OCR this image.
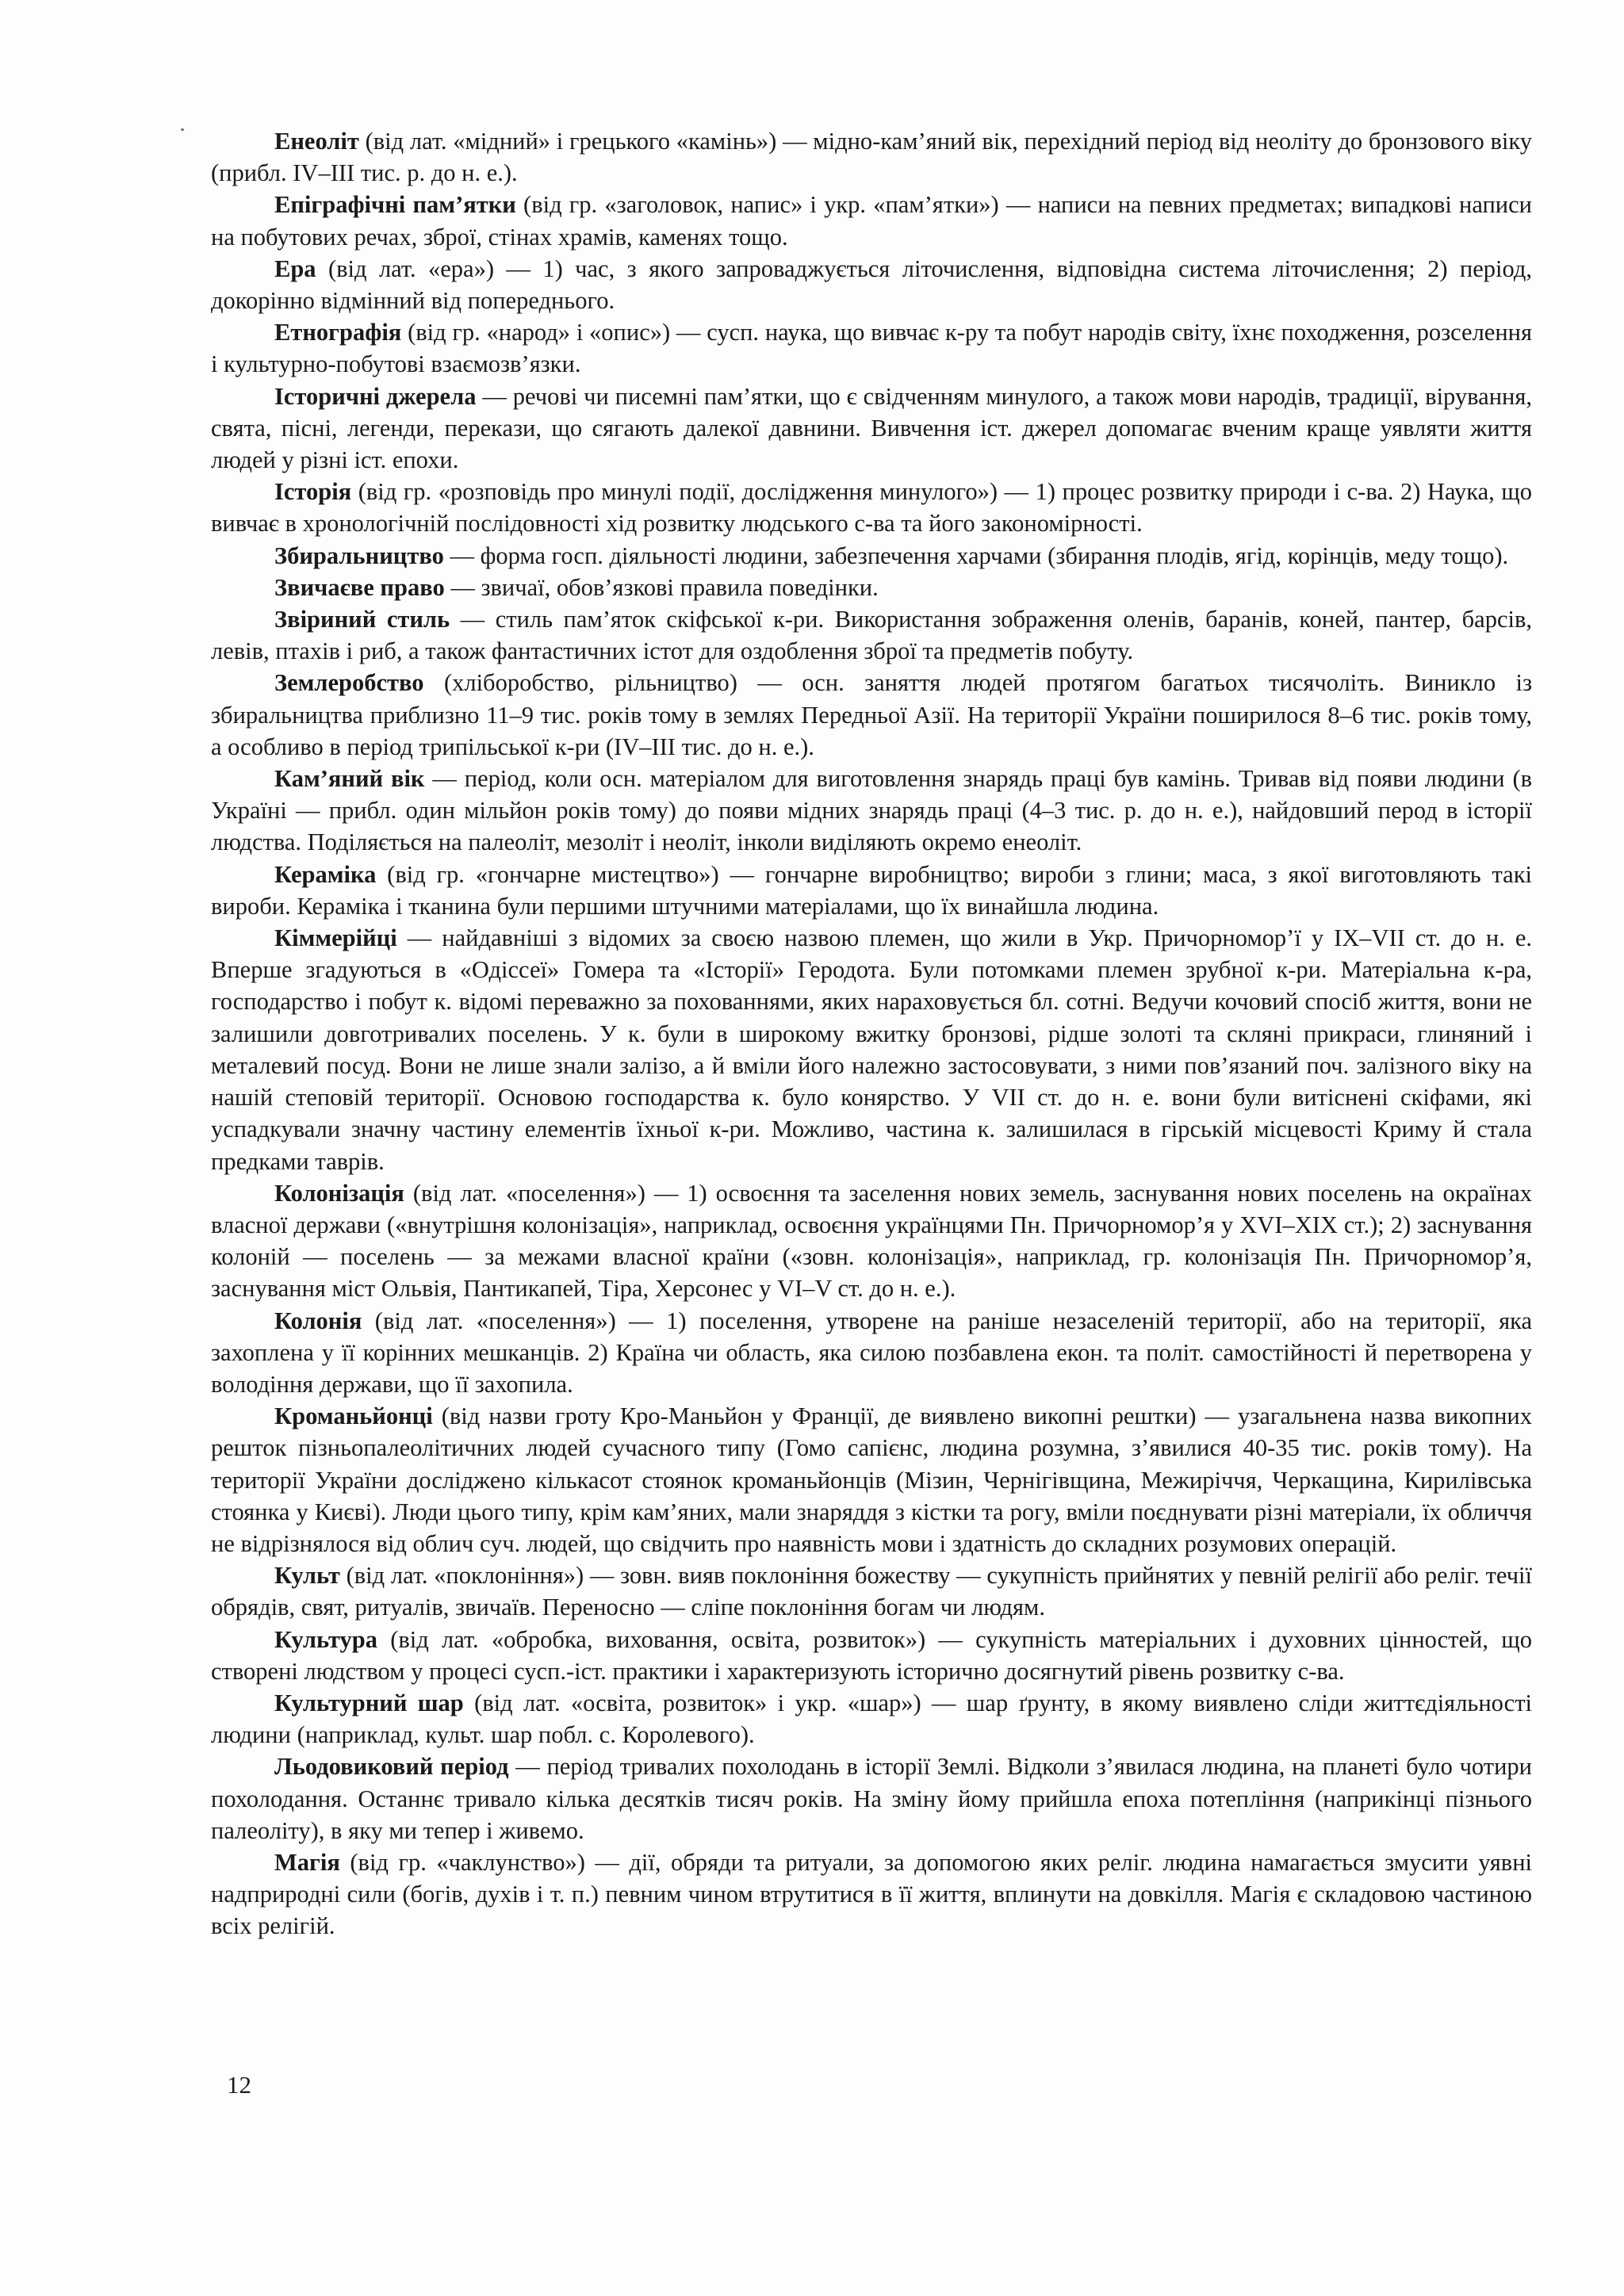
Енеоліт (від лат. «мідний» і грецького «камінь») — мідно-кам’яний вік, перехідний період від неоліту до бронзового віку (прибл. IV–III тис. р. до н. е.).

Епіграфічні пам’ятки (від гр. «заголовок, напис» і укр. «пам’ятки») — написи на певних предметах; випадкові написи на побутових речах, зброї, стінах храмів, каменях тощо.

Ера (від лат. «ера») — 1) час, з якого запроваджується літочислення, відповідна система літочислення; 2) період, докорінно відмінний від попереднього.

Етнографія (від гр. «народ» і «опис») — сусп. наука, що вивчає к-ру та побут народів світу, їхнє походження, розселення і культурно-побутові взаємозв’язки.

Історичні джерела — речові чи писемні пам’ятки, що є свідченням минулого, а також мови народів, традиції, вірування, свята, пісні, легенди, перекази, що сягають далекої давнини. Вивчення іст. джерел допомагає вченим краще уявляти життя людей у різні іст. епохи.

Історія (від гр. «розповідь про минулі події, дослідження минулого») — 1) процес розвитку природи і с-ва. 2) Наука, що вивчає в хронологічній послідовності хід розвитку людського с-ва та його закономірності.

Збиральництво — форма госп. діяльності людини, забезпечення харчами (збирання плодів, ягід, корінців, меду тощо).

Звичаєве право — звичаї, обов’язкові правила поведінки.

Звіриний стиль — стиль пам’яток скіфської к-ри. Використання зображення оленів, баранів, коней, пантер, барсів, левів, птахів і риб, а також фантастичних істот для оздоблення зброї та предметів побуту.

Землеробство (хліборобство, рільництво) — осн. заняття людей протягом багатьох тисячоліть. Виникло із збиральництва приблизно 11–9 тис. років тому в землях Передньої Азії. На території України поширилося 8–6 тис. років тому, а особливо в період трипільської к-ри (IV–III тис. до н. е.).

Кам’яний вік — період, коли осн. матеріалом для виготовлення знарядь праці був камінь. Тривав від появи людини (в Україні — прибл. один мільйон років тому) до появи мідних знарядь праці (4–3 тис. р. до н. е.), найдовший перод в історії людства. Поділяється на палеоліт, мезоліт і неоліт, інколи виділяють окремо енеоліт.

Кераміка (від гр. «гончарне мистецтво») — гончарне виробництво; вироби з глини; маса, з якої виготовляють такі вироби. Кераміка і тканина були першими штучними матеріалами, що їх винайшла людина.

Кіммерійці — найдавніші з відомих за своєю назвою племен, що жили в Укр. Причорномор’ї у IX–VII ст. до н. е. Вперше згадуються в «Одіссеї» Гомера та «Історії» Геродота. Були потомками племен зрубної к-ри. Матеріальна к-ра, господарство і побут к. відомі переважно за похованнями, яких нараховується бл. сотні. Ведучи кочовий спосіб життя, вони не залишили довготривалих поселень. У к. були в широкому вжитку бронзові, рідше золоті та скляні прикраси, глиняний і металевий посуд. Вони не лише знали залізо, а й вміли його належно застосовувати, з ними пов’язаний поч. залізного віку на нашій степовій території. Основою господарства к. було конярство. У VII ст. до н. е. вони були витіснені скіфами, які успадкували значну частину елементів їхньої к-ри. Можливо, частина к. залишилася в гірській місцевості Криму й стала предками таврів.

Колонізація (від лат. «поселення») — 1) освоєння та заселення нових земель, заснування нових поселень на окраїнах власної держави («внутрішня колонізація», наприклад, освоєння українцями Пн. Причорномор’я у XVI–XIX ст.); 2) заснування колоній — поселень — за межами власної країни («зовн. колонізація», наприклад, гр. колонізація Пн. Причорномор’я, заснування міст Ольвія, Пантикапей, Тіра, Херсонес у VI–V ст. до н. е.).

Колонія (від лат. «поселення») — 1) поселення, утворене на раніше незаселеній території, або на території, яка захоплена у її корінних мешканців. 2) Країна чи область, яка силою позбавлена екон. та політ. самостійності й перетворена у володіння держави, що її захопила.

Кроманьйонці (від назви гроту Кро-Маньйон у Франції, де виявлено викопні рештки) — узагальнена назва викопних решток пізньопалеолітичних людей сучасного типу (Гомо сапієнс, людина розумна, з’явилися 40-35 тис. років тому). На території України досліджено кількасот стоянок кроманьйонців (Мізин, Чернігівщина, Межиріччя, Черкащина, Кирилівська стоянка у Києві). Люди цього типу, крім кам’яних, мали знаряддя з кістки та рогу, вміли поєднувати різні матеріали, їх обличчя не відрізнялося від облич суч. людей, що свідчить про наявність мови і здатність до складних розумових операцій.

Культ (від лат. «поклоніння») — зовн. вияв поклоніння божеству — сукупність прийнятих у певній релігії або реліг. течії обрядів, свят, ритуалів, звичаїв. Переносно — сліпе поклоніння богам чи людям.

Культура (від лат. «обробка, виховання, освіта, розвиток») — сукупність матеріальних і духовних цінностей, що створені людством у процесі сусп.-іст. практики і характеризують історично досягнутий рівень розвитку с-ва.

Культурний шар (від лат. «освіта, розвиток» і укр. «шар») — шар ґрунту, в якому виявлено сліди життєдіяльності людини (наприклад, культ. шар побл. с. Королевого).

Льодовиковий період — період тривалих похолодань в історії Землі. Відколи з’явилася людина, на планеті було чотири похолодання. Останнє тривало кілька десятків тисяч років. На зміну йому прийшла епоха потепління (наприкінці пізнього палеоліту), в яку ми тепер і живемо.

Магія (від гр. «чаклунство») — дії, обряди та ритуали, за допомогою яких реліг. людина намагається змусити уявні надприродні сили (богів, духів і т. п.) певним чином втрутитися в її життя, вплинути на довкілля. Магія є складовою частиною всіх релігій.

12
